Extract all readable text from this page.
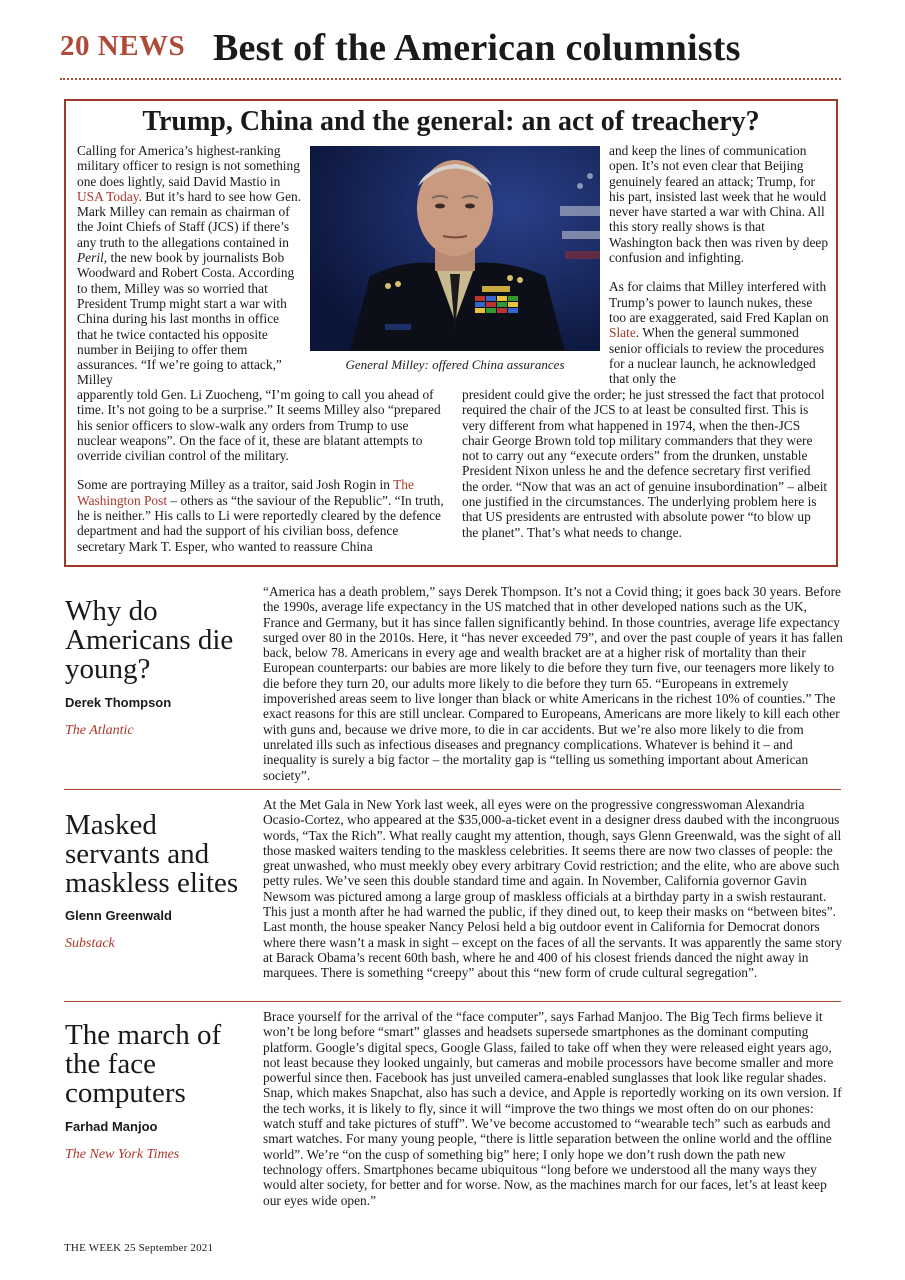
20 NEWS Best of the American columnists
Trump, China and the general: an act of treachery?
Calling for America’s highest-ranking military officer to resign is not something one does lightly, said David Mastio in USA Today. But it’s hard to see how Gen. Mark Milley can remain as chairman of the Joint Chiefs of Staff (JCS) if there’s any truth to the allegations contained in Peril, the new book by journalists Bob Woodward and Robert Costa. According to them, Milley was so worried that President Trump might start a war with China during his last months in office that he twice contacted his opposite number in Beijing to offer them assurances. “If we’re going to attack,” Milley

apparently told Gen. Li Zuocheng, “I’m going to call you ahead of time. It’s not going to be a surprise.” It seems Milley also “prepared his senior officers to slow-walk any orders from Trump to use nuclear weapons”. On the face of it, these are blatant attempts to override civilian control of the military.

Some are portraying Milley as a traitor, said Josh Rogin in The Washington Post – others as “the saviour of the Republic”. “In truth, he is neither.” His calls to Li were reportedly cleared by the defence department and had the support of his civilian boss, defence secretary Mark T. Esper, who wanted to reassure China

General Milley: offered China assurances

and keep the lines of communication open. It’s not even clear that Beijing genuinely feared an attack; Trump, for his part, insisted last week that he would never have started a war with China. All this story really shows is that Washington back then was riven by deep confusion and infighting.

As for claims that Milley interfered with Trump’s power to launch nukes, these too are exaggerated, said Fred Kaplan on Slate. When the general summoned senior officials to review the procedures for a nuclear launch, he acknowledged that only the

president could give the order; he just stressed the fact that protocol required the chair of the JCS to at least be consulted first. This is very different from what happened in 1974, when the then-JCS chair George Brown told top military commanders that they were not to carry out any “execute orders” from the drunken, unstable President Nixon unless he and the defence secretary first verified the order. “Now that was an act of genuine insubordination” – albeit one justified in the circumstances. The underlying problem here is that US presidents are entrusted with absolute power “to blow up the planet”. That’s what needs to change.

Why do Americans die young?
Derek Thompson
The Atlantic
“America has a death problem,” says Derek Thompson. It’s not a Covid thing; it goes back 30 years. Before the 1990s, average life expectancy in the US matched that in other developed nations such as the UK, France and Germany, but it has since fallen significantly behind. In those countries, average life expectancy surged over 80 in the 2010s. Here, it “has never exceeded 79”, and over the past couple of years it has fallen back, below 78. Americans in every age and wealth bracket are at a higher risk of mortality than their European counterparts: our babies are more likely to die before they turn five, our teenagers more likely to die before they turn 20, our adults more likely to die before they turn 65. “Europeans in extremely impoverished areas seem to live longer than black or white Americans in the richest 10% of counties.” The exact reasons for this are still unclear. Compared to Europeans, Americans are more likely to kill each other with guns and, because we drive more, to die in car accidents. But we’re also more likely to die from unrelated ills such as infectious diseases and pregnancy complications. Whatever is behind it – and inequality is surely a big factor – the mortality gap is “telling us something important about American society”.
Masked servants and maskless elites
Glenn Greenwald
Substack
At the Met Gala in New York last week, all eyes were on the progressive congresswoman Alexandria Ocasio-Cortez, who appeared at the $35,000-a-ticket event in a designer dress daubed with the incongruous words, “Tax the Rich”. What really caught my attention, though, says Glenn Greenwald, was the sight of all those masked waiters tending to the maskless celebrities. It seems there are now two classes of people: the great unwashed, who must meekly obey every arbitrary Covid restriction; and the elite, who are above such petty rules. We’ve seen this double standard time and again. In November, California governor Gavin Newsom was pictured among a large group of maskless officials at a birthday party in a swish restaurant. This just a month after he had warned the public, if they dined out, to keep their masks on “between bites”. Last month, the house speaker Nancy Pelosi held a big outdoor event in California for Democrat donors where there wasn’t a mask in sight – except on the faces of all the servants. It was apparently the same story at Barack Obama’s recent 60th bash, where he and 400 of his closest friends danced the night away in marquees. There is something “creepy” about this “new form of crude cultural segregation”.
The march of the face computers
Farhad Manjoo
The New York Times
Brace yourself for the arrival of the “face computer”, says Farhad Manjoo. The Big Tech firms believe it won’t be long before “smart” glasses and headsets supersede smartphones as the dominant computing platform. Google’s digital specs, Google Glass, failed to take off when they were released eight years ago, not least because they looked ungainly, but cameras and mobile processors have become smaller and more powerful since then. Facebook has just unveiled camera-enabled sunglasses that look like regular shades. Snap, which makes Snapchat, also has such a device, and Apple is reportedly working on its own version. If the tech works, it is likely to fly, since it will “improve the two things we most often do on our phones: watch stuff and take pictures of stuff”. We’ve become accustomed to “wearable tech” such as earbuds and smart watches. For many young people, “there is little separation between the online world and the offline world”. We’re “on the cusp of something big” here; I only hope we don’t rush down the path new technology offers. Smartphones became ubiquitous “long before we understood all the many ways they would alter society, for better and for worse. Now, as the machines march for our faces, let’s at least keep our eyes wide open.”
THE WEEK 25 September 2021
